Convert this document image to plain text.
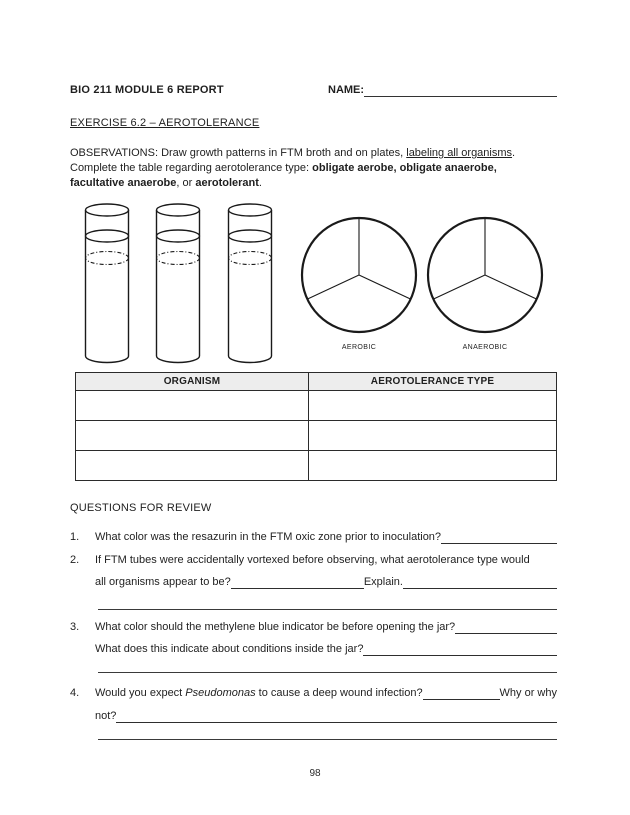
BIO 211 MODULE 6 REPORT	NAME:
EXERCISE 6.2 – AEROTOLERANCE
OBSERVATIONS: Draw growth patterns in FTM broth and on plates, labeling all organisms .
Complete the table regarding aerotolerance type: obligate aerobe, obligate anaerobe,
facultative anaerobe , or aerotolerant .
AEROBIC	ANAEROBIC
ORGANISM	AEROTOLERANCE TYPE

QUESTIONS FOR REVIEW
1.	What color was the resazurin in the FTM oxic zone prior to inoculation?
2.	If FTM tubes were accidentally vortexed before observing, what aerotolerance type would
all organisms appear to be?	Explain.
3.	What color should the methylene blue indicator be before opening the jar?
What does this indicate about conditions inside the jar?
4.	Would you expect Pseudomonas to cause a deep wound infection?	Why or why
not?
98
